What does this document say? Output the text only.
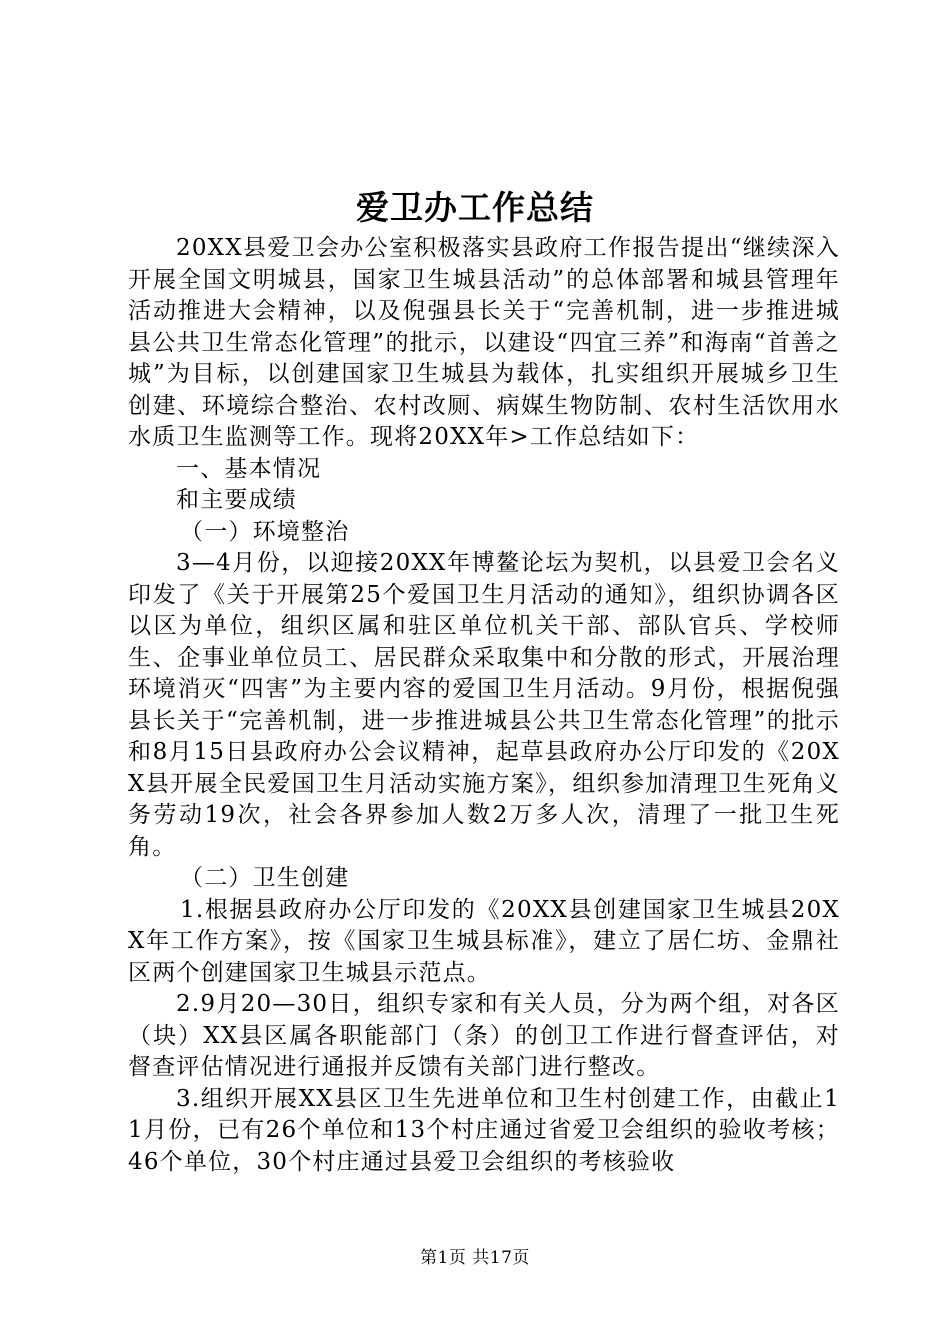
爱卫办工作总结

20XX县爱卫会办公室积极落实县政府工作报告提出“继续深入开展全国文明城县，国家卫生城县活动”的总体部署和城县管理年活动推进大会精神，以及倪强县长关于“完善机制，进一步推进城县公共卫生常态化管理”的批示，以建设“四宜三养”和海南“首善之城”为目标，以创建国家卫生城县为载体，扎实组织开展城乡卫生创建、环境综合整治、农村改厕、病媒生物防制、农村生活饮用水水质卫生监测等工作。现将20XX年>工作总结如下：

一、基本情况

和主要成绩

（一）环境整治

3—4月份，以迎接20XX年博鳌论坛为契机，以县爱卫会名义印发了《关于开展第25个爱国卫生月活动的通知》，组织协调各区以区为单位，组织区属和驻区单位机关干部、部队官兵、学校师生、企事业单位员工、居民群众采取集中和分散的形式，开展治理环境消灭“四害”为主要内容的爱国卫生月活动。9月份，根据倪强县长关于“完善机制，进一步推进城县公共卫生常态化管理”的批示和8月15日县政府办公会议精神，起草县政府办公厅印发的《20XX县开展全民爱国卫生月活动实施方案》，组织参加清理卫生死角义务劳动19次，社会各界参加人数2万多人次，清理了一批卫生死角。

（二）卫生创建

1.根据县政府办公厅印发的《20XX县创建国家卫生城县20XX年工作方案》，按《国家卫生城县标准》，建立了居仁坊、金鼎社区两个创建国家卫生城县示范点。

2.9月20—30日，组织专家和有关人员，分为两个组，对各区（块）XX县区属各职能部门（条）的创卫工作进行督查评估，对督查评估情况进行通报并反馈有关部门进行整改。

3.组织开展XX县区卫生先进单位和卫生村创建工作，由截止11月份，已有26个单位和13个村庄通过省爱卫会组织的验收考核；46个单位，30个村庄通过县爱卫会组织的考核验收

第1页 共17页
